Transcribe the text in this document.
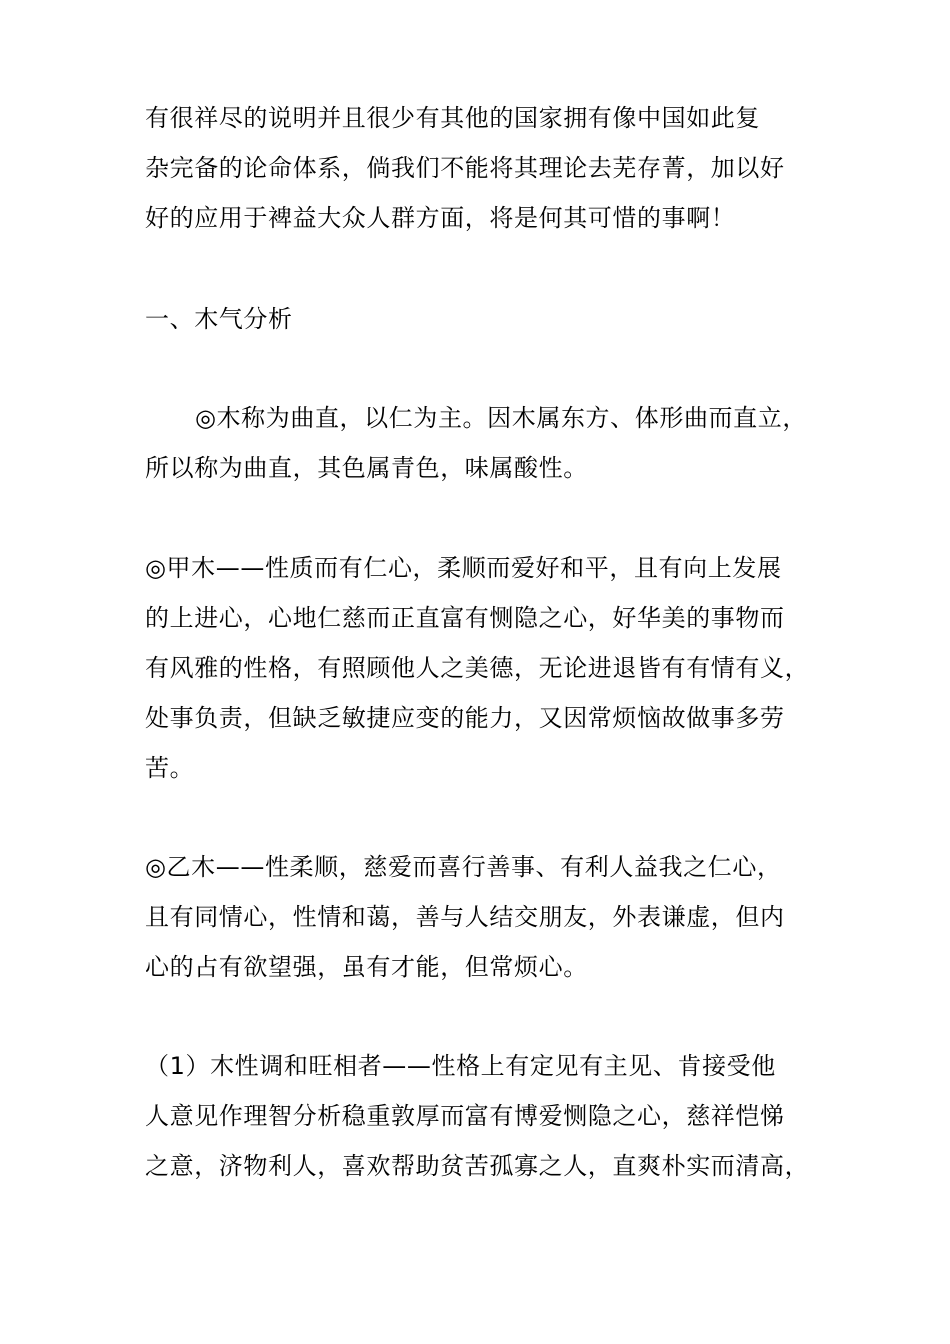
有很祥尽的说明并且很少有其他的国家拥有像中国如此复
杂完备的论命体系，倘我们不能将其理论去芜存菁，加以好
好的应用于裨益大众人群方面，将是何其可惜的事啊！
一、木气分析
◎木称为曲直，以仁为主。因木属东方、体形曲而直立，
所以称为曲直，其色属青色，味属酸性。
◎甲木——性质而有仁心，柔顺而爱好和平，且有向上发展
的上进心，心地仁慈而正直富有恻隐之心，好华美的事物而
有风雅的性格，有照顾他人之美德，无论进退皆有有情有义，
处事负责，但缺乏敏捷应变的能力，又因常烦恼故做事多劳
苦。
◎乙木——性柔顺，慈爱而喜行善事、有利人益我之仁心，
且有同情心，性情和蔼，善与人结交朋友，外表谦虚，但内
心的占有欲望强，虽有才能，但常烦心。
（1）木性调和旺相者——性格上有定见有主见、肯接受他
人意见作理智分析稳重敦厚而富有博爱恻隐之心，慈祥恺悌
之意，济物利人，喜欢帮助贫苦孤寡之人，直爽朴实而清高，
